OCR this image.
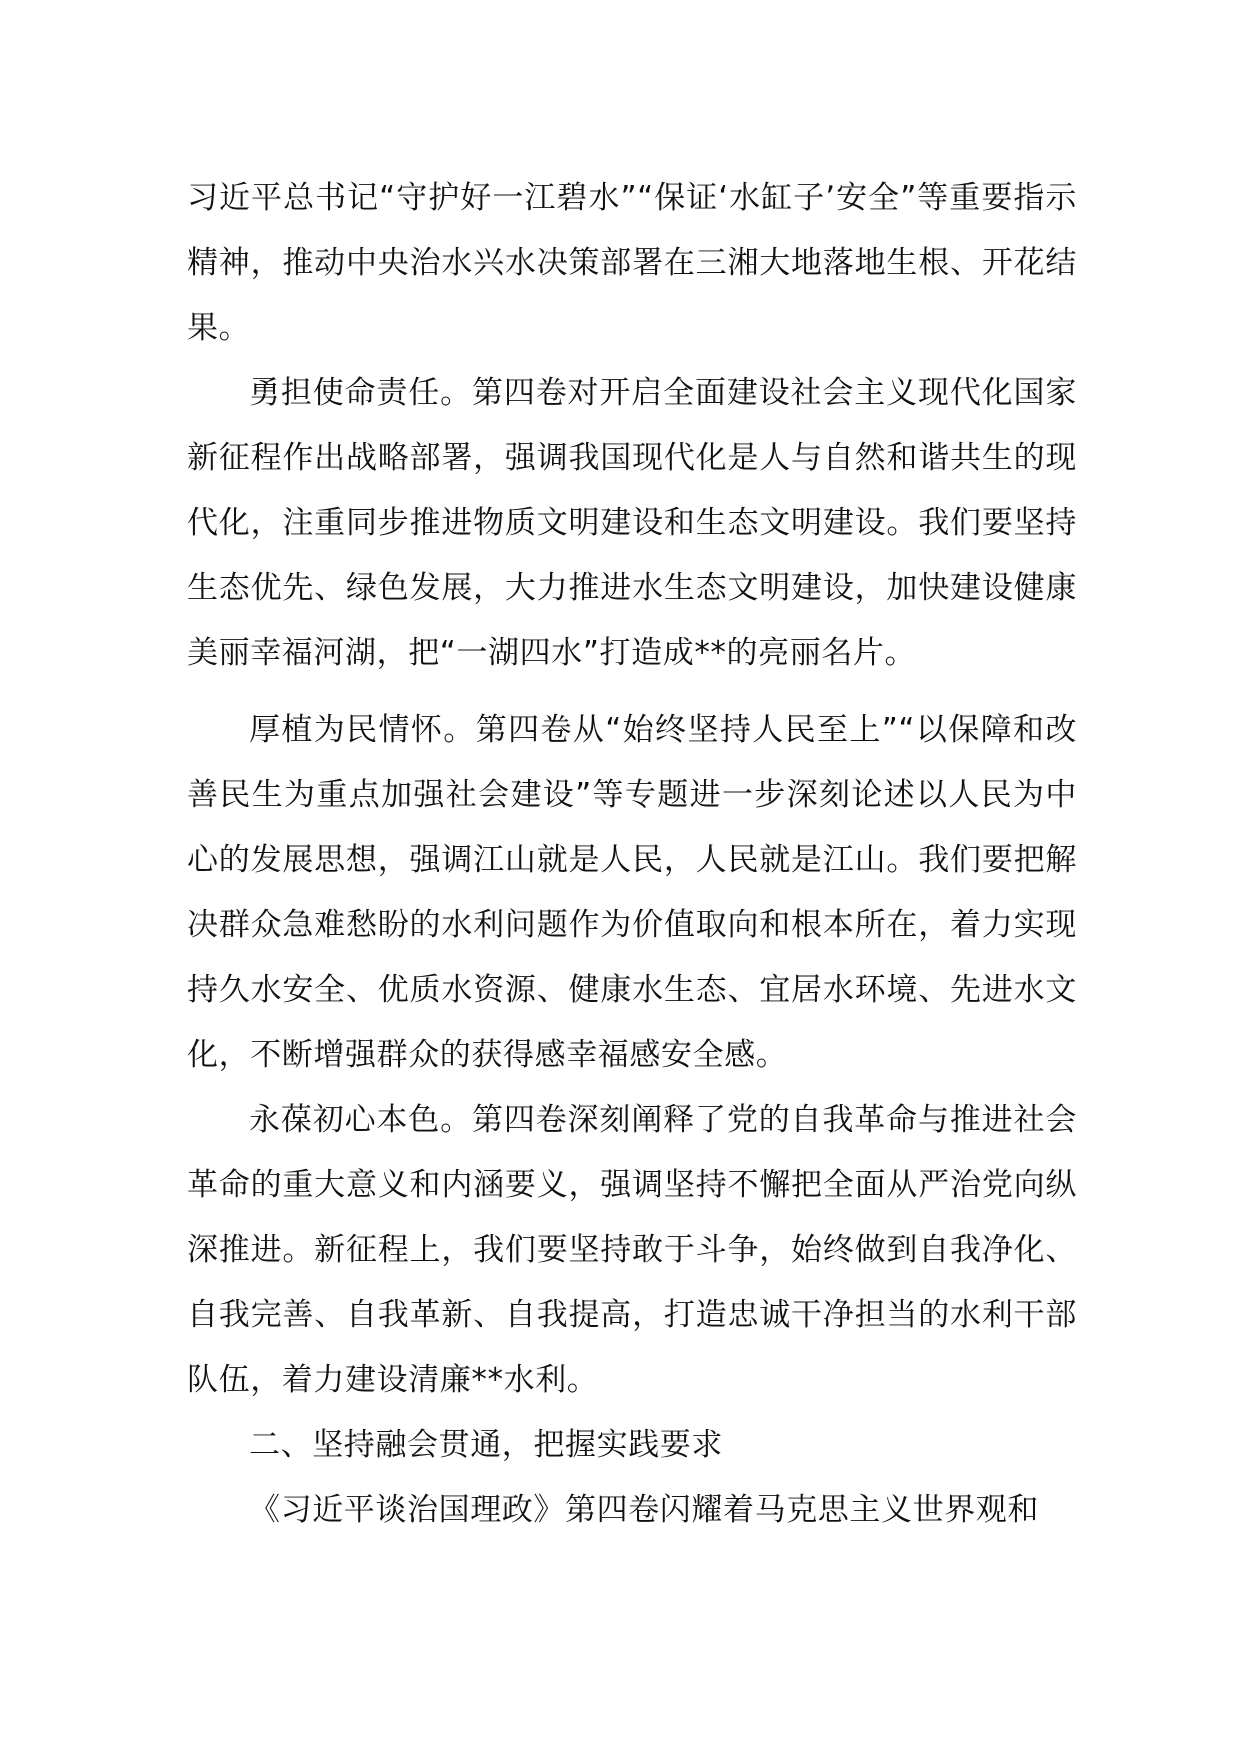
习近平总书记“守护好一江碧水”“保证‘水缸子’安全”等重要指示精神，推动中央治水兴水决策部署在三湘大地落地生根、开花结果。

勇担使命责任。第四卷对开启全面建设社会主义现代化国家新征程作出战略部署，强调我国现代化是人与自然和谐共生的现代化，注重同步推进物质文明建设和生态文明建设。我们要坚持生态优先、绿色发展，大力推进水生态文明建设，加快建设健康美丽幸福河湖，把“一湖四水”打造成**的亮丽名片。

厚植为民情怀。第四卷从“始终坚持人民至上”“以保障和改善民生为重点加强社会建设”等专题进一步深刻论述以人民为中心的发展思想，强调江山就是人民，人民就是江山。我们要把解决群众急难愁盼的水利问题作为价值取向和根本所在，着力实现持久水安全、优质水资源、健康水生态、宜居水环境、先进水文化，不断增强群众的获得感幸福感安全感。

永葆初心本色。第四卷深刻阐释了党的自我革命与推进社会革命的重大意义和内涵要义，强调坚持不懈把全面从严治党向纵深推进。新征程上，我们要坚持敢于斗争，始终做到自我净化、自我完善、自我革新、自我提高，打造忠诚干净担当的水利干部队伍，着力建设清廉**水利。

二、坚持融会贯通，把握实践要求

《习近平谈治国理政》第四卷闪耀着马克思主义世界观和
